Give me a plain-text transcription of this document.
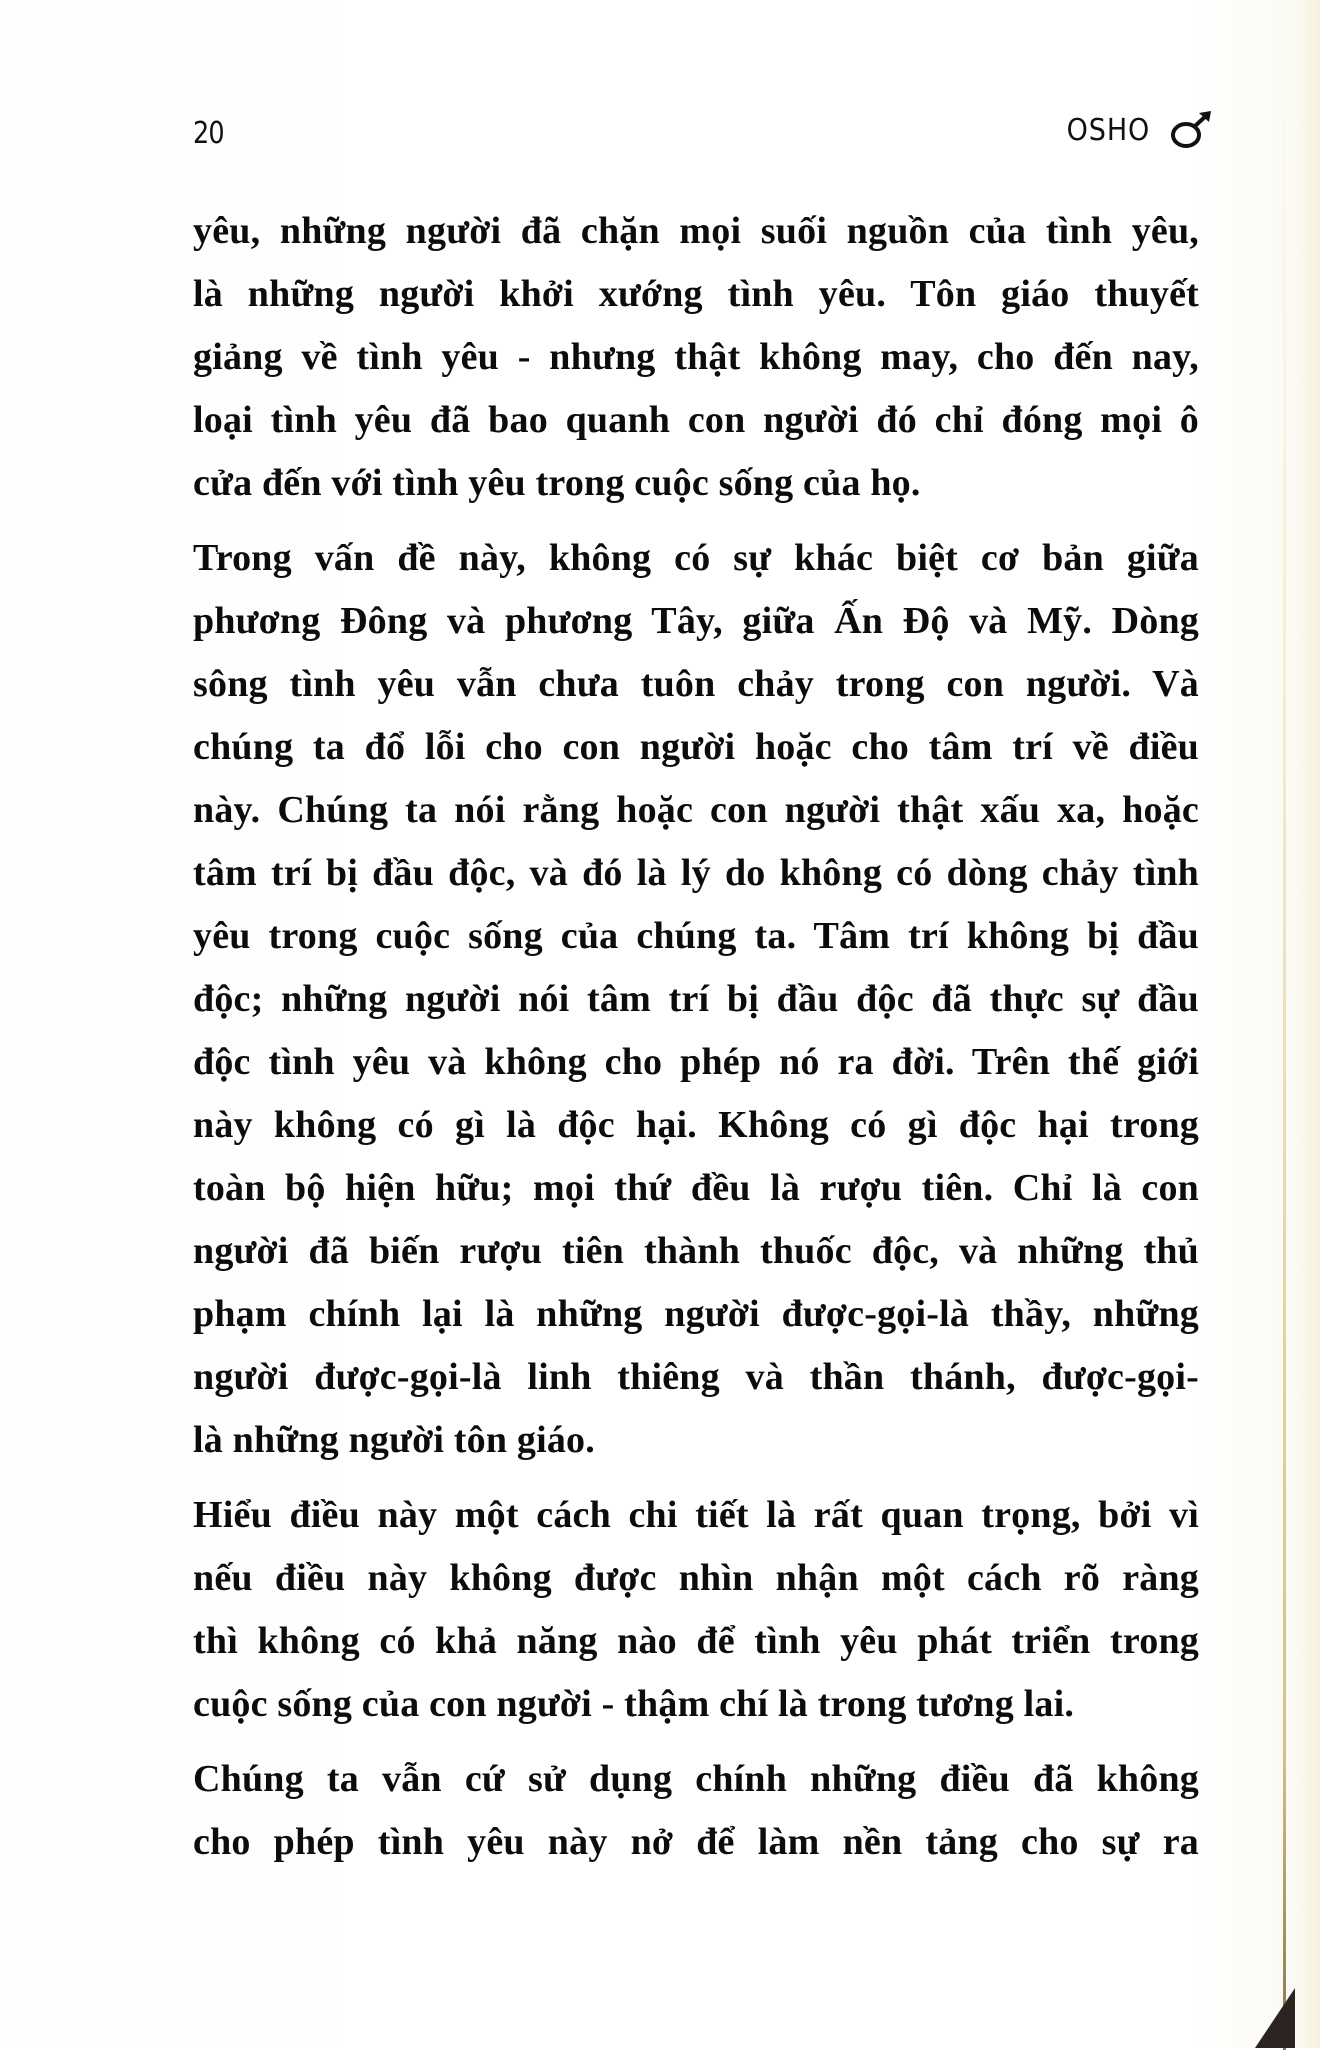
20	OSHO
yêu, những người đã chặn mọi suối nguồn của tình yêu,
là những người khởi xướng tình yêu. Tôn giáo thuyết
giảng về tình yêu - nhưng thật không may, cho đến nay,
loại tình yêu đã bao quanh con người đó chỉ đóng mọi ô
cửa đến với tình yêu trong cuộc sống của họ.
Trong vấn đề này, không có sự khác biệt cơ bản giữa
phương Đông và phương Tây, giữa Ấn Độ và Mỹ. Dòng
sông tình yêu vẫn chưa tuôn chảy trong con người. Và
chúng ta đổ lỗi cho con người hoặc cho tâm trí về điều
này. Chúng ta nói rằng hoặc con người thật xấu xa, hoặc
tâm trí bị đầu độc, và đó là lý do không có dòng chảy tình
yêu trong cuộc sống của chúng ta. Tâm trí không bị đầu
độc; những người nói tâm trí bị đầu độc đã thực sự đầu
độc tình yêu và không cho phép nó ra đời. Trên thế giới
này không có gì là độc hại. Không có gì độc hại trong
toàn bộ hiện hữu; mọi thứ đều là rượu tiên. Chỉ là con
người đã biến rượu tiên thành thuốc độc, và những thủ
phạm chính lại là những người được-gọi-là thầy, những
người được-gọi-là linh thiêng và thần thánh, được-gọi-
là những người tôn giáo.
Hiểu điều này một cách chi tiết là rất quan trọng, bởi vì
nếu điều này không được nhìn nhận một cách rõ ràng
thì không có khả năng nào để tình yêu phát triển trong
cuộc sống của con người - thậm chí là trong tương lai.
Chúng ta vẫn cứ sử dụng chính những điều đã không
cho phép tình yêu này nở để làm nền tảng cho sự ra
